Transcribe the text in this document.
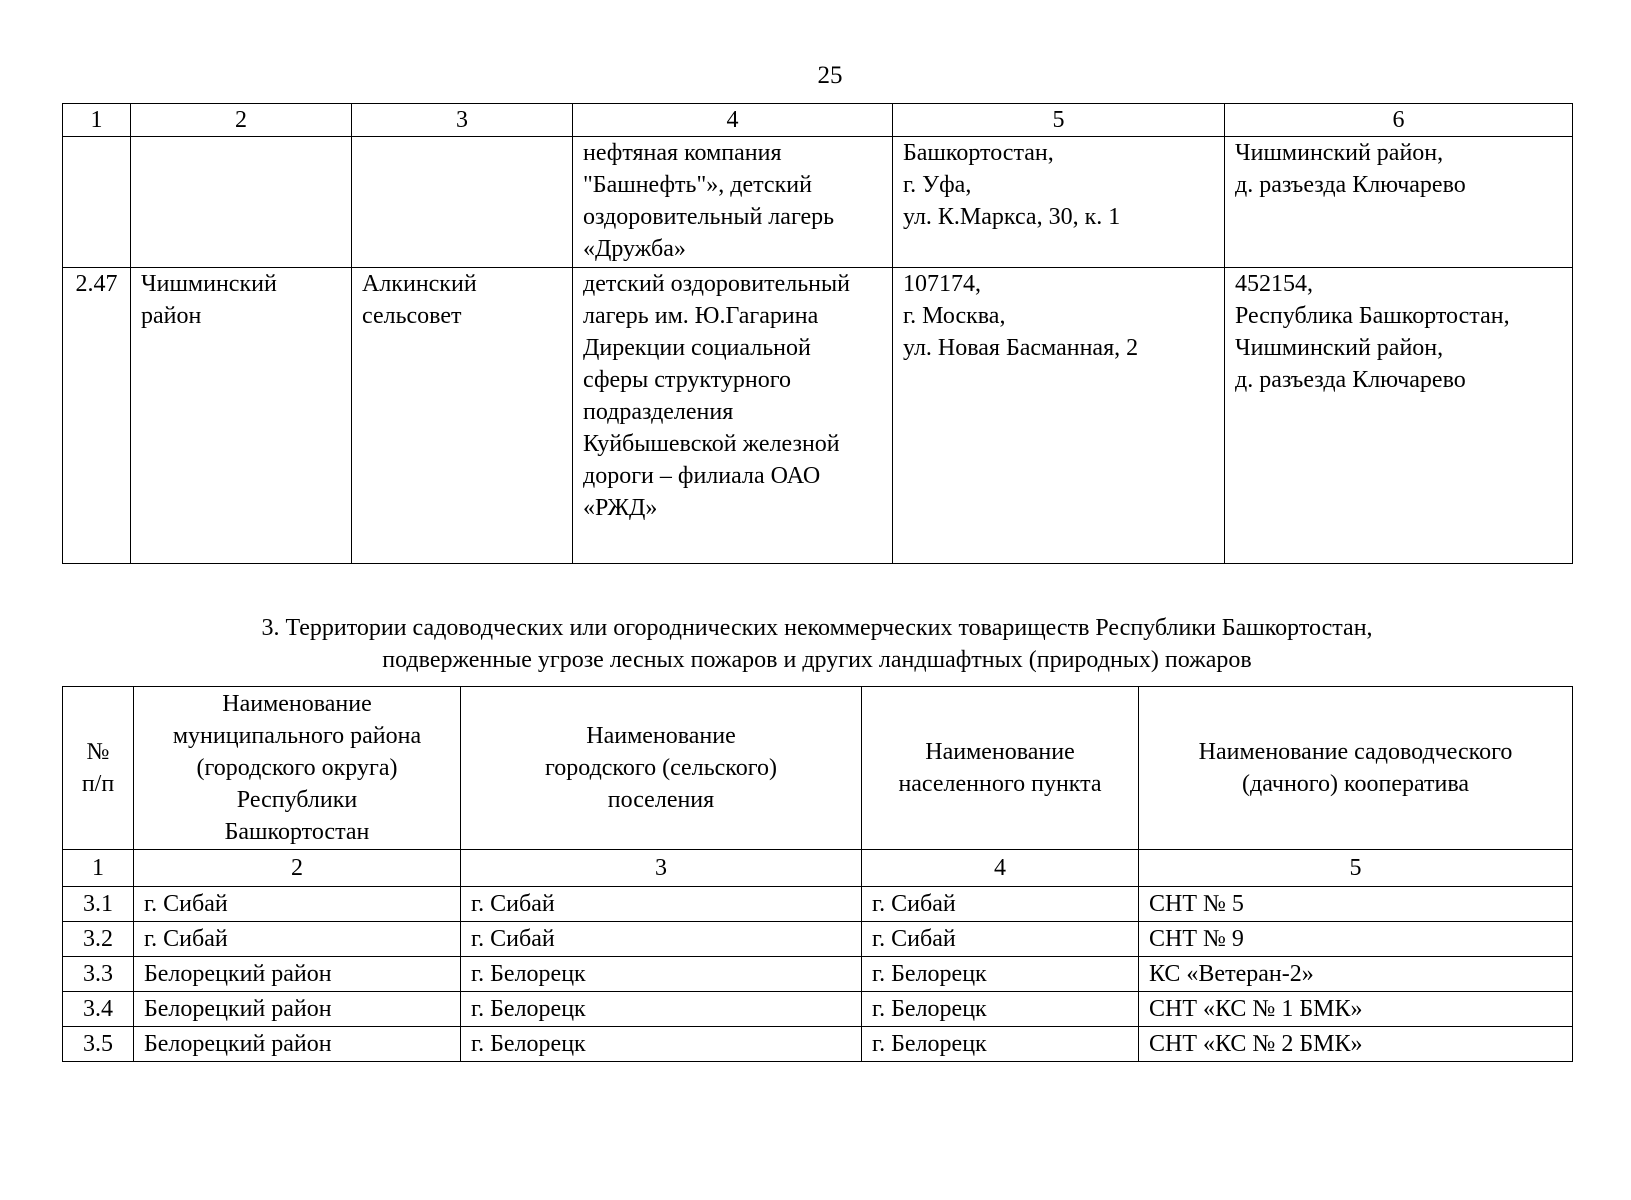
25
1	2	3	4	5	6
			нефтяная компания "Башнефть"», детский оздоровительный лагерь «Дружба»	Башкортостан,
г. Уфа,
ул. К.Маркса, 30, к. 1	Чишминский район,
д. разъезда Ключарево
2.47	Чишминский район	Алкинский сельсовет	детский оздоровительный лагерь им. Ю.Гагарина Дирекции социальной сферы структурного подразделения Куйбышевской железной дороги – филиала ОАО «РЖД»	107174,
г. Москва,
ул. Новая Басманная, 2	452154,
Республика Башкортостан,
Чишминский район,
д. разъезда Ключарево
3. Территории садоводческих или огороднических некоммерческих товариществ Республики Башкортостан,
подверженные угрозе лесных пожаров и других ландшафтных (природных) пожаров
№
п/п	Наименование
муниципального района
(городского округа)
Республики
Башкортостан	Наименование
городского (сельского)
поселения	Наименование
населенного пункта	Наименование садоводческого
(дачного) кооператива
1	2	3	4	5
3.1	г. Сибай	г. Сибай	г. Сибай	СНТ № 5
3.2	г. Сибай	г. Сибай	г. Сибай	СНТ № 9
3.3	Белорецкий район	г. Белорецк	г. Белорецк	КС «Ветеран-2»
3.4	Белорецкий район	г. Белорецк	г. Белорецк	СНТ «КС № 1 БМК»
3.5	Белорецкий район	г. Белорецк	г. Белорецк	СНТ «КС № 2 БМК»
